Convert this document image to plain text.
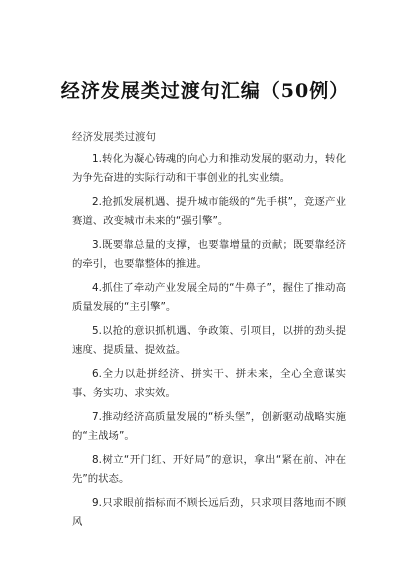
经济发展类过渡句汇编（50例）

经济发展类过渡句

1.转化为凝心铸魂的向心力和推动发展的驱动力，转化为争先奋进的实际行动和干事创业的扎实业绩。

2.抢抓发展机遇、提升城市能级的“先手棋”，竞逐产业赛道、改变城市未来的“强引擎”。

3.既要靠总量的支撑，也要靠增量的贡献；既要靠经济的牵引，也要靠整体的推进。

4.抓住了牵动产业发展全局的“牛鼻子”，握住了推动高质量发展的“主引擎”。

5.以抢的意识抓机遇、争政策、引项目，以拼的劲头提速度、提质量、提效益。

6.全力以赴拼经济、拼实干、拼未来，全心全意谋实事、务实功、求实效。

7.推动经济高质量发展的“桥头堡”，创新驱动战略实施的“主战场”。

8.树立“开门红、开好局”的意识，拿出“紧在前、冲在先”的状态。

9.只求眼前指标而不顾长远后劲，只求项目落地而不顾风
